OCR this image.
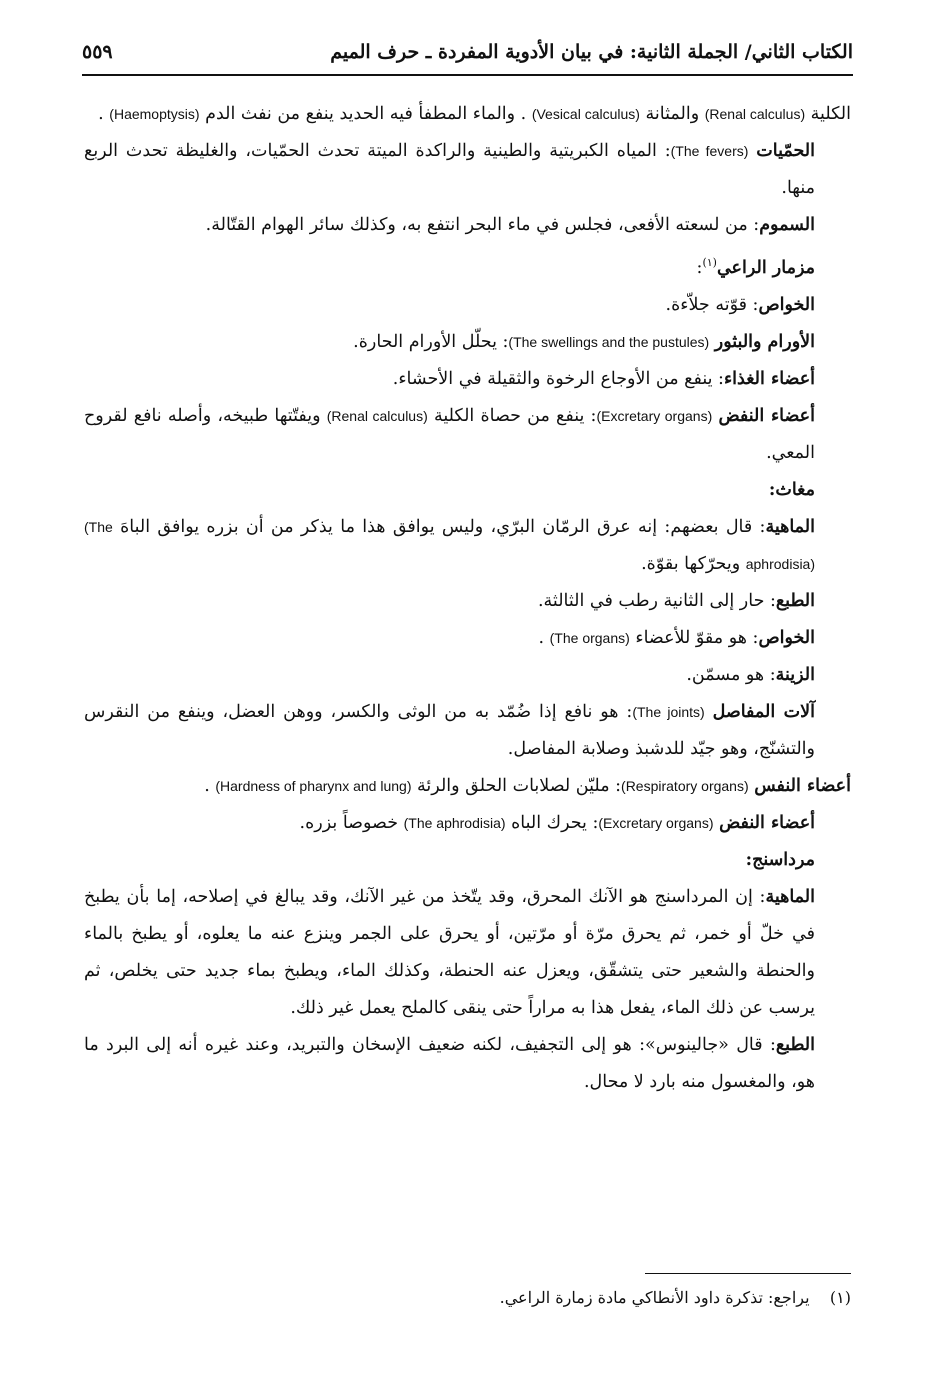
الكتاب الثاني/ الجملة الثانية: في بيان الأدوية المفردة ـ حرف الميم
٥٥٩

الكلية (Renal calculus) والمثانة (Vesical calculus) . والماء المطفأ فيه الحديد ينفع من نفث الدم (Haemoptysis) .

الحمّيات (The fevers): المياه الكبريتية والطينية والراكدة الميتة تحدث الحمّيات، والغليظة تحدث الربع منها.

السموم: من لسعته الأفعى، فجلس في ماء البحر انتفع به، وكذلك سائر الهوام القتّالة.

مزمار الراعي$^{(١)}$:

الخواص: قوّته جلاّءة.

الأورام والبثور (The swellings and the pustules): يحلّل الأورام الحارة.

أعضاء الغذاء: ينفع من الأوجاع الرخوة والثقيلة في الأحشاء.

أعضاء النفض (Excretary organs): ينفع من حصاة الكلية (Renal calculus) ويفتّتها طبيخه، وأصله نافع لقروح المعي.

مغاث:

الماهية: قال بعضهم: إنه عرق الرمّان البرّي، وليس يوافق هذا ما يذكر من أن بزره يوافق الباهَ (The aphrodisia) ويحرّكها بقوّة.

الطبع: حار إلى الثانية رطب في الثالثة.

الخواص: هو مقوّ للأعضاء (The organs) .

الزينة: هو مسمّن.

آلات المفاصل (The joints): هو نافع إذا ضُمّد به من الوثى والكسر، ووهن العضل، وينفع من النقرس والتشنّج، وهو جيّد للدشبذ وصلابة المفاصل.

أعضاء النفس (Respiratory organs): مليّن لصلابات الحلق والرئة (Hardness of pharynx and lung) .

أعضاء النفض (Excretary organs): يحرك الباه (The aphrodisia) خصوصاً بزره.

مرداسنج:

الماهية: إن المرداسنج هو الآنك المحرق، وقد يتّخذ من غير الآنك، وقد يبالغ في إصلاحه، إما بأن يطبخ في خلّ أو خمر، ثم يحرق مرّة أو مرّتين، أو يحرق على الجمر وينزع عنه ما يعلوه، أو يطبخ بالماء والحنطة والشعير حتى يتشقّق، ويعزل عنه الحنطة، وكذلك الماء، ويطبخ بماء جديد حتى يخلص، ثم يرسب عن ذلك الماء، يفعل هذا به مراراً حتى ينقى كالملح يعمل غير ذلك.

الطبع: قال «جالينوس»: هو إلى التجفيف، لكنه ضعيف الإسخان والتبريد، وعند غيره أنه إلى البرد ما هو، والمغسول منه بارد لا محال.

(١)    يراجع: تذكرة داود الأنطاكي مادة زمارة الراعي.
